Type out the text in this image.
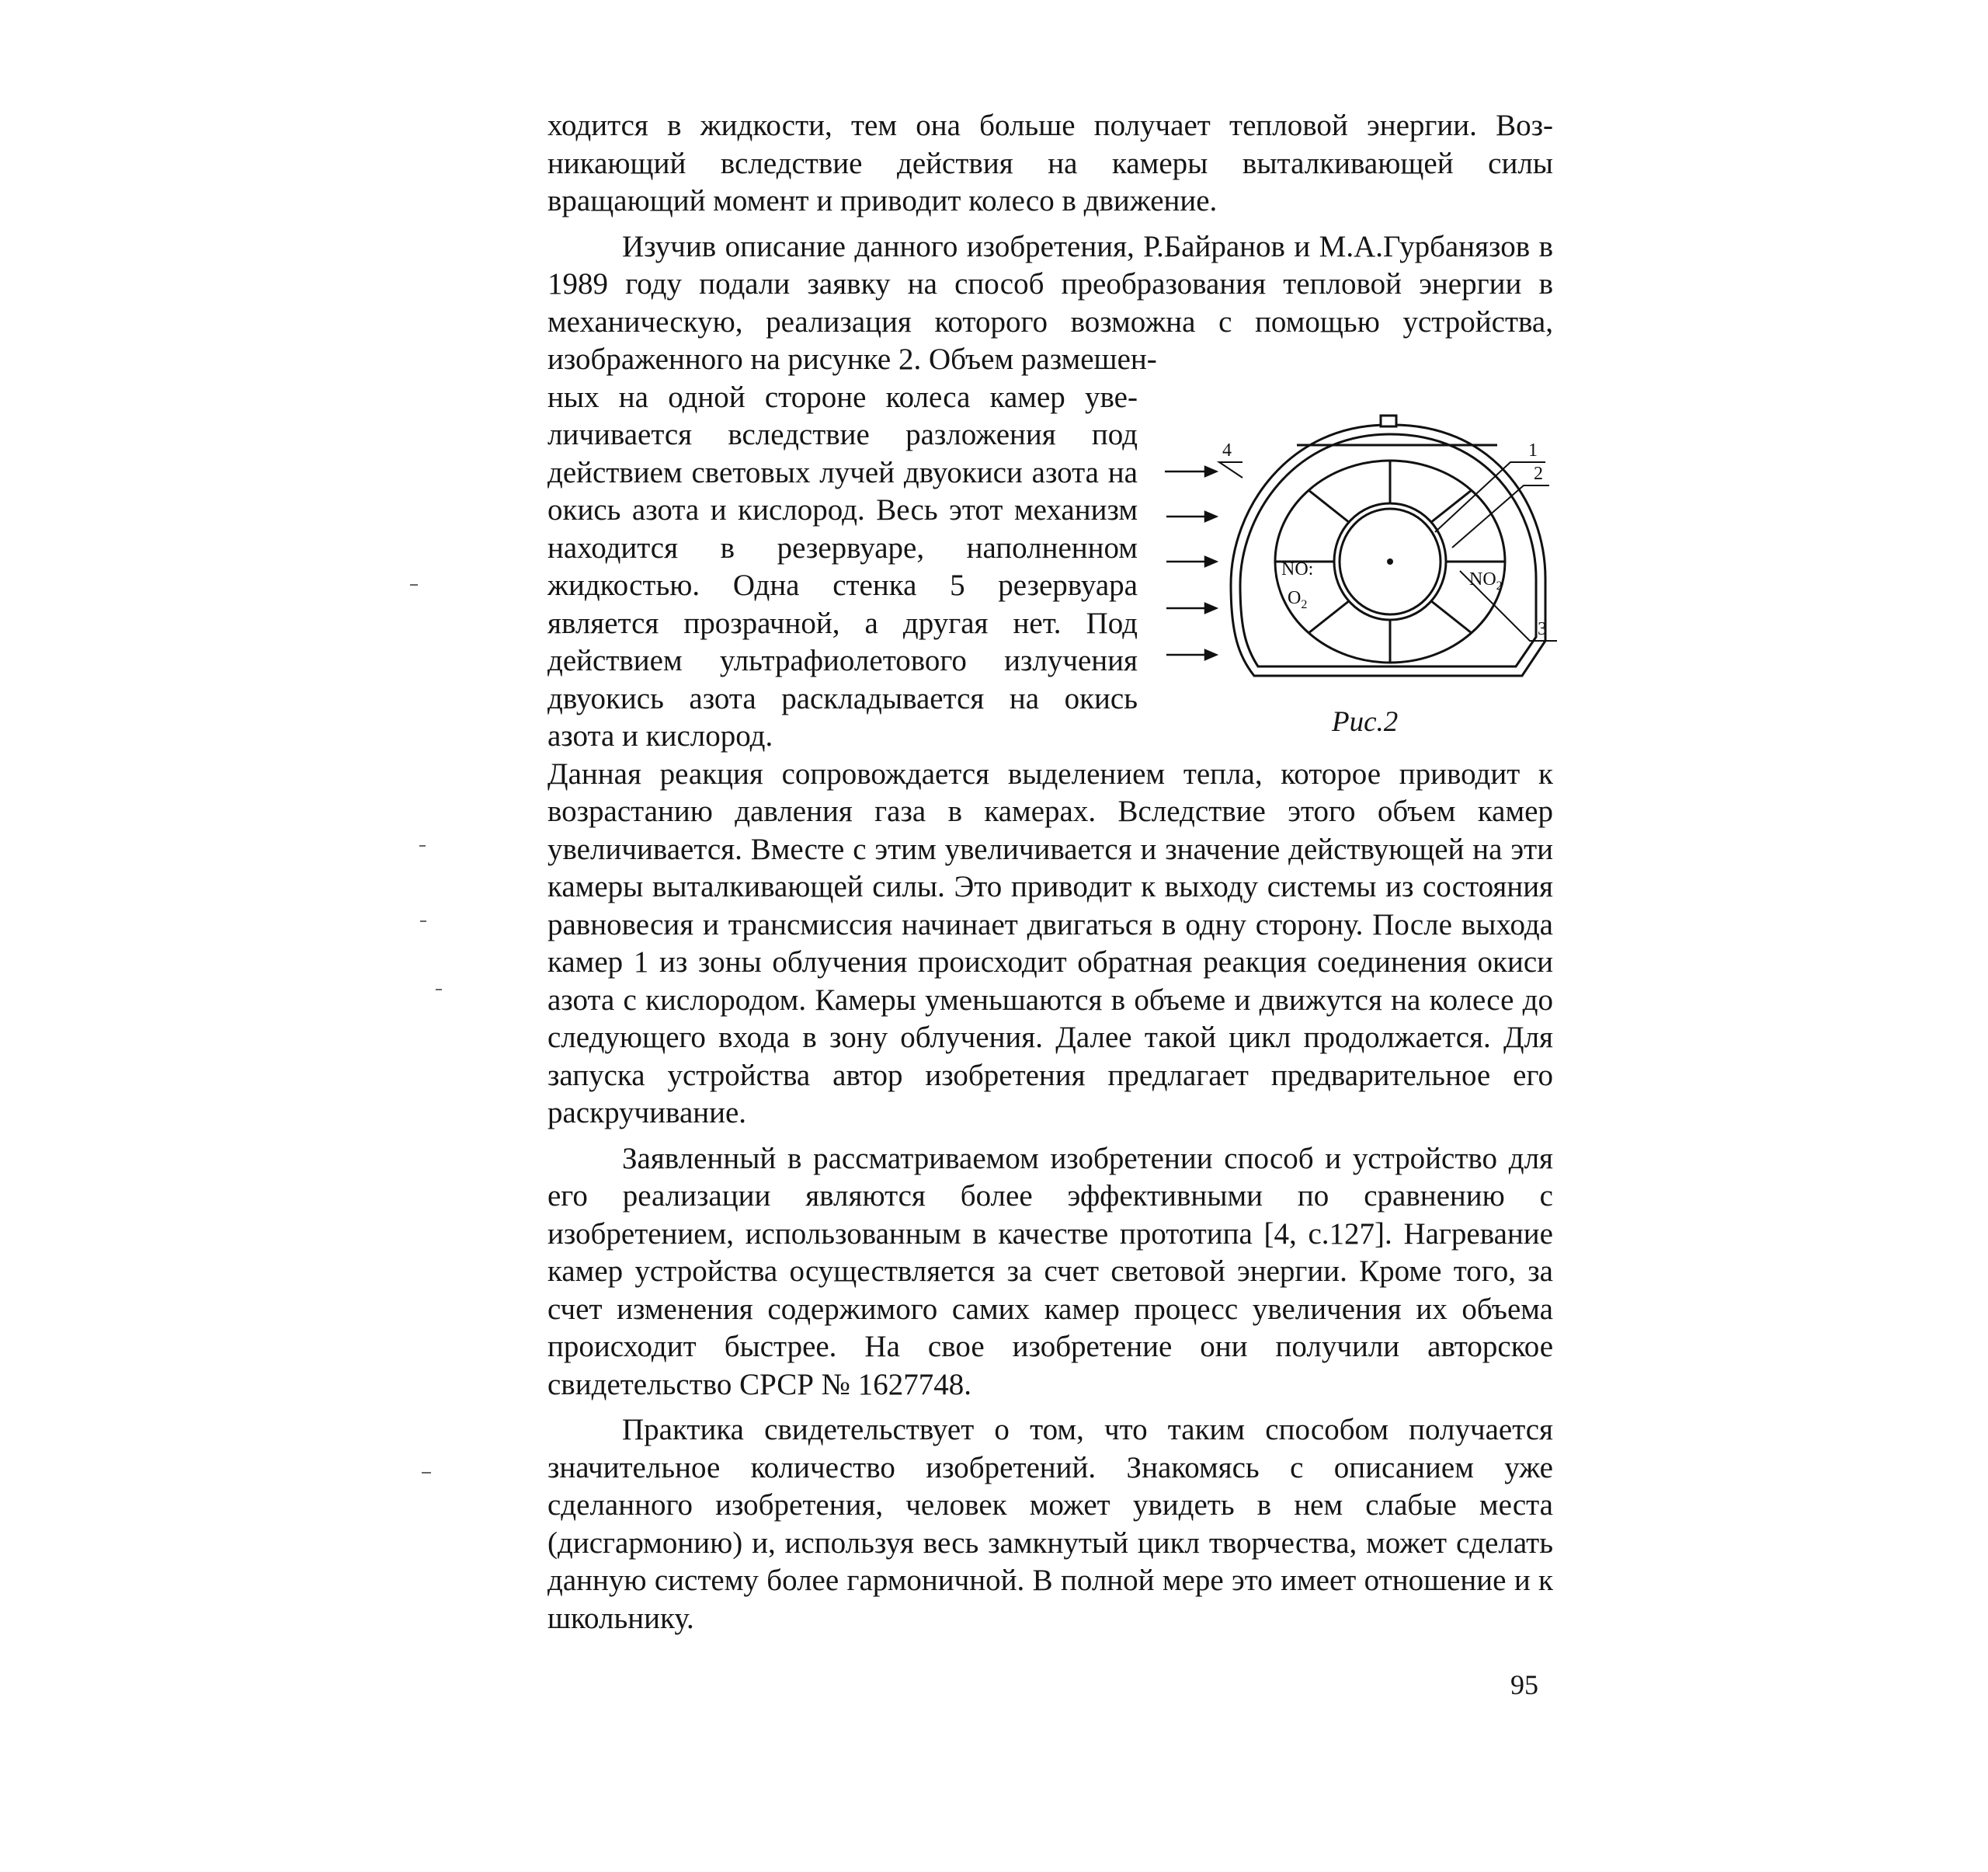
ходится в жидкости, тем она больше получает тепловой энергии. Возникающий вследствие действия на камеры выталкивающей силы вращающий момент и приводит колесо в движение.

Изучив описание данного изобретения, Р.Байранов и М.А.Гурбанязов в 1989 году подали заявку на способ преобразования тепловой энергии в механическую, реализация которого возможна с помощью устройства, изображенного на рисунке 2. Объем размешен-

ных на одной стороне колеса камер увеличивается вследствие разложения под действием световых лучей двуокиси азота на окись азота и кислород. Весь этот механизм находится в резервуаре, наполненном жидкостью. Одна стенка 5 резервуара является прозрачной, а другая нет. Под действием ультрафиолетового излучения двуокись азота раскладывается на окись азота и кислород.

Данная реакция сопровождается выделением тепла, которое приводит к возрастанию давления газа в камерах. Вследствие этого объем камер увеличивается. Вместе с этим увеличивается и значение действующей на эти камеры выталкивающей силы. Это приводит к выходу системы из состояния равновесия и трансмиссия начинает двигаться в одну сторону. После выхода камер 1 из зоны облучения происходит обратная реакция соединения окиси азота с кислородом. Камеры уменьшаются в объеме и движутся на колесе до следующего входа в зону облучения. Далее такой цикл продолжается. Для запуска устройства автор изобретения предлагает предварительное его раскручивание.

Заявленный в рассматриваемом изобретении способ и устройство для его реализации являются более эффективными по сравнению с изобретением, использованным в качестве прототипа [4, с.127]. Нагревание камер устройства осуществляется за счет световой энергии. Кроме того, за счет изменения содержимого самих камер процесс увеличения их объема происходит быстрее. На свое изобретение они получили авторское свидетельство СРСР № 1627748.

Практика свидетельствует о том, что таким способом получается значительное количество изобретений. Знакомясь с описанием уже сделанного изобретения, человек может увидеть в нем слабые места (дисгармонию) и, используя весь замкнутый цикл творчества, может сделать данную систему более гармоничной. В полной мере это имеет отношение и к школьнику.

1
2
3
4
NO:
$O_2$
$NO_2$
Рис.2
95
